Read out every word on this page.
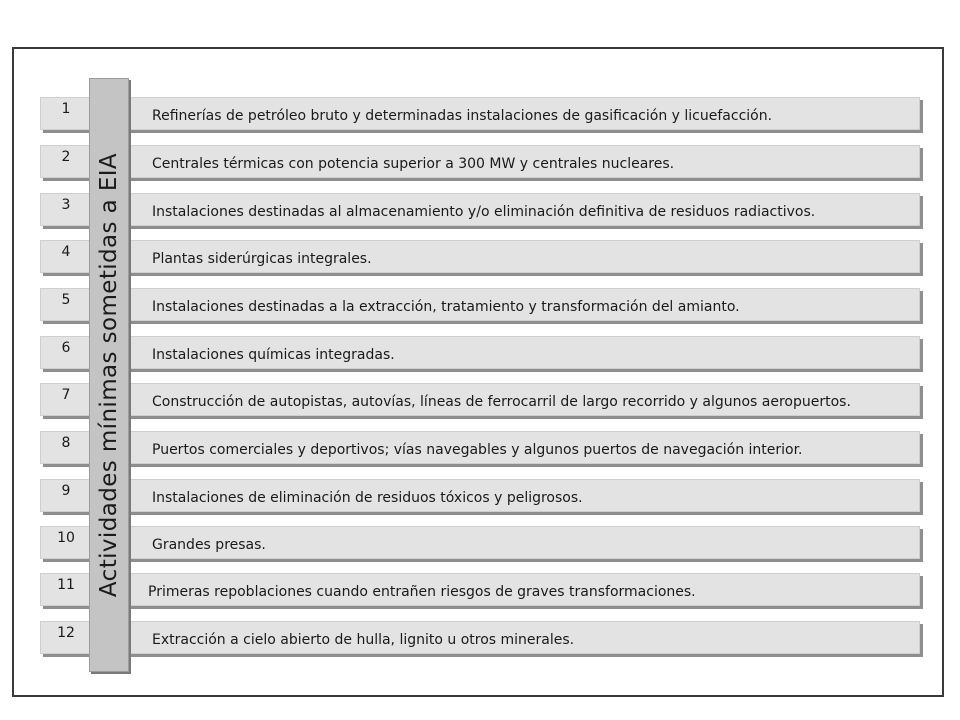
1	Refinerías de petróleo bruto y determinadas instalaciones de gasificación y licuefacción.
2	Centrales térmicas con potencia superior a 300 MW y centrales nucleares.
3	Instalaciones destinadas al almacenamiento y/o eliminación definitiva de residuos radiactivos.
4	Plantas siderúrgicas integrales.
5	Instalaciones destinadas a la extracción, tratamiento y transformación del amianto.
6	Instalaciones químicas integradas.
7	Construcción de autopistas, autovías, líneas de ferrocarril de largo recorrido y algunos aeropuertos.
8	Puertos comerciales y deportivos; vías navegables y algunos puertos de navegación interior.
9	Instalaciones de eliminación de residuos tóxicos y peligrosos.
10	Grandes presas.
11	Primeras repoblaciones cuando entrañen riesgos de graves transformaciones.
12	Extracción a cielo abierto de hulla, lignito u otros minerales.
Actividades mínimas sometidas a EIA
